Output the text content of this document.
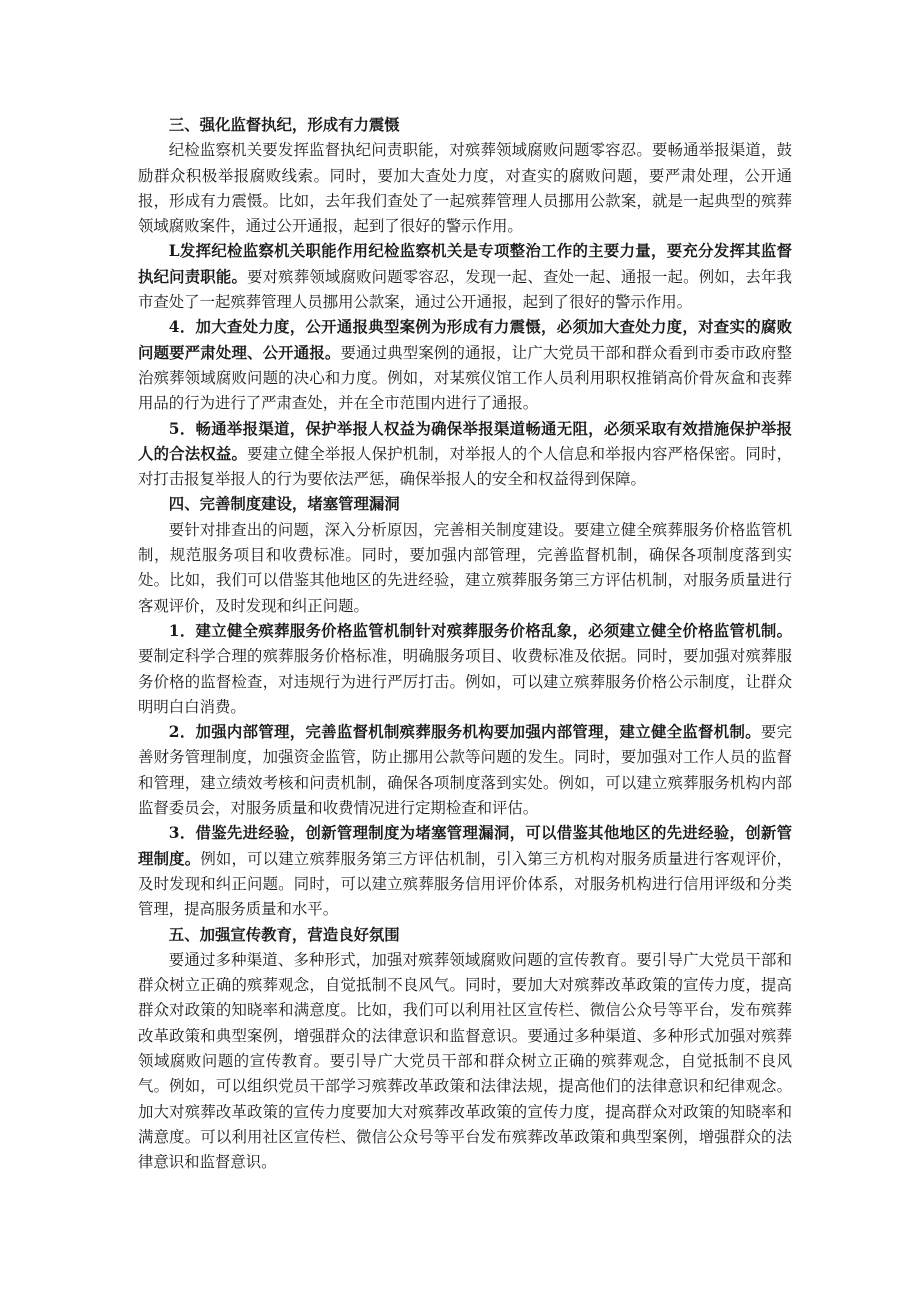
三、强化监督执纪，形成有力震慑

纪检监察机关要发挥监督执纪问责职能，对殡葬领域腐败问题零容忍。要畅通举报渠道，鼓励群众积极举报腐败线索。同时，要加大查处力度，对查实的腐败问题，要严肃处理，公开通报，形成有力震慑。比如，去年我们查处了一起殡葬管理人员挪用公款案，就是一起典型的殡葬领域腐败案件，通过公开通报，起到了很好的警示作用。

L发挥纪检监察机关职能作用纪检监察机关是专项整治工作的主要力量，要充分发挥其监督执纪问责职能。要对殡葬领域腐败问题零容忍，发现一起、查处一起、通报一起。例如，去年我市查处了一起殡葬管理人员挪用公款案，通过公开通报，起到了很好的警示作用。

4．加大查处力度，公开通报典型案例为形成有力震慑，必须加大查处力度，对查实的腐败问题要严肃处理、公开通报。要通过典型案例的通报，让广大党员干部和群众看到市委市政府整治殡葬领域腐败问题的决心和力度。例如，对某殡仪馆工作人员利用职权推销高价骨灰盒和丧葬用品的行为进行了严肃查处，并在全市范围内进行了通报。

5．畅通举报渠道，保护举报人权益为确保举报渠道畅通无阻，必须采取有效措施保护举报人的合法权益。要建立健全举报人保护机制，对举报人的个人信息和举报内容严格保密。同时，对打击报复举报人的行为要依法严惩，确保举报人的安全和权益得到保障。

四、完善制度建设，堵塞管理漏洞

要针对排查出的问题，深入分析原因，完善相关制度建设。要建立健全殡葬服务价格监管机制，规范服务项目和收费标准。同时，要加强内部管理，完善监督机制，确保各项制度落到实处。比如，我们可以借鉴其他地区的先进经验，建立殡葬服务第三方评估机制，对服务质量进行客观评价，及时发现和纠正问题。

1．建立健全殡葬服务价格监管机制针对殡葬服务价格乱象，必须建立健全价格监管机制。要制定科学合理的殡葬服务价格标准，明确服务项目、收费标准及依据。同时，要加强对殡葬服务价格的监督检查，对违规行为进行严厉打击。例如，可以建立殡葬服务价格公示制度，让群众明明白白消费。

2．加强内部管理，完善监督机制殡葬服务机构要加强内部管理，建立健全监督机制。要完善财务管理制度，加强资金监管，防止挪用公款等问题的发生。同时，要加强对工作人员的监督和管理，建立绩效考核和问责机制，确保各项制度落到实处。例如，可以建立殡葬服务机构内部监督委员会，对服务质量和收费情况进行定期检查和评估。

3．借鉴先进经验，创新管理制度为堵塞管理漏洞，可以借鉴其他地区的先进经验，创新管理制度。例如，可以建立殡葬服务第三方评估机制，引入第三方机构对服务质量进行客观评价，及时发现和纠正问题。同时，可以建立殡葬服务信用评价体系，对服务机构进行信用评级和分类管理，提高服务质量和水平。

五、加强宣传教育，营造良好氛围

要通过多种渠道、多种形式，加强对殡葬领域腐败问题的宣传教育。要引导广大党员干部和群众树立正确的殡葬观念，自觉抵制不良风气。同时，要加大对殡葬改革政策的宣传力度，提高群众对政策的知晓率和满意度。比如，我们可以利用社区宣传栏、微信公众号等平台，发布殡葬改革政策和典型案例，增强群众的法律意识和监督意识。要通过多种渠道、多种形式加强对殡葬领域腐败问题的宣传教育。要引导广大党员干部和群众树立正确的殡葬观念，自觉抵制不良风气。例如，可以组织党员干部学习殡葬改革政策和法律法规，提高他们的法律意识和纪律观念。加大对殡葬改革政策的宣传力度要加大对殡葬改革政策的宣传力度，提高群众对政策的知晓率和满意度。可以利用社区宣传栏、微信公众号等平台发布殡葬改革政策和典型案例，增强群众的法律意识和监督意识。
